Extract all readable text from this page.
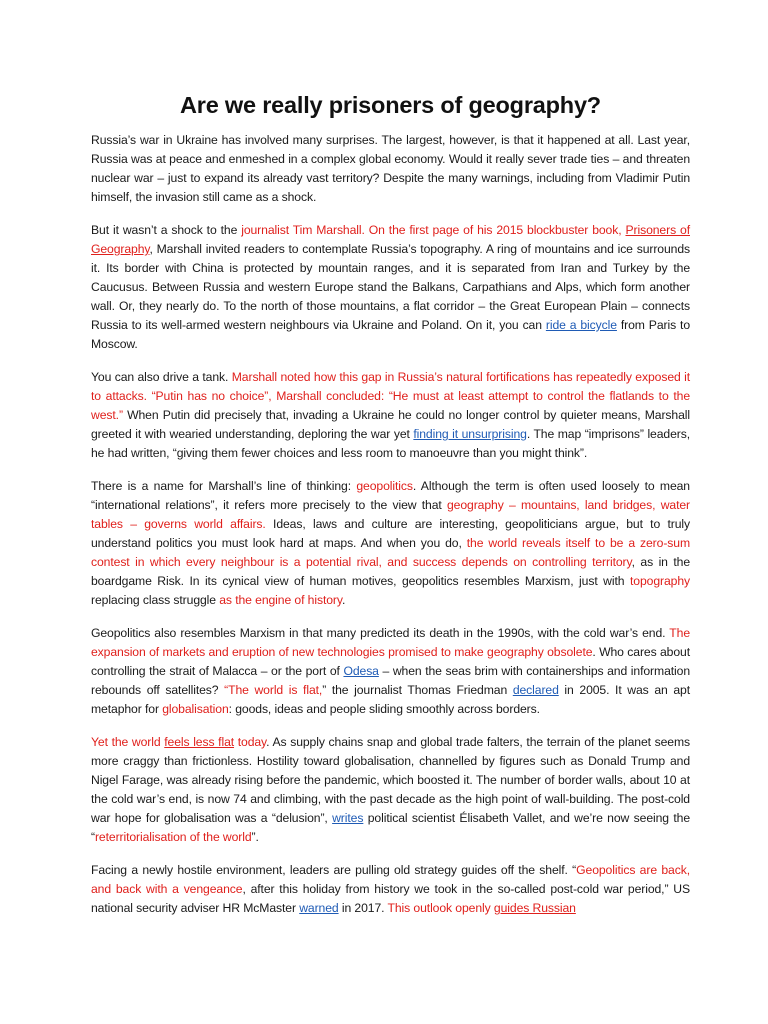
Are we really prisoners of geography?

Russia’s war in Ukraine has involved many surprises. The largest, however, is that it happened at all. Last year, Russia was at peace and enmeshed in a complex global economy. Would it really sever trade ties – and threaten nuclear war – just to expand its already vast territory? Despite the many warnings, including from Vladimir Putin himself, the invasion still came as a shock.

But it wasn’t a shock to the journalist Tim Marshall. On the first page of his 2015 blockbuster book, Prisoners of Geography, Marshall invited readers to contemplate Russia’s topography. A ring of mountains and ice surrounds it. Its border with China is protected by mountain ranges, and it is separated from Iran and Turkey by the Caucusus. Between Russia and western Europe stand the Balkans, Carpathians and Alps, which form another wall. Or, they nearly do. To the north of those mountains, a flat corridor – the Great European Plain – connects Russia to its well-armed western neighbours via Ukraine and Poland. On it, you can ride a bicycle from Paris to Moscow.

You can also drive a tank. Marshall noted how this gap in Russia’s natural fortifications has repeatedly exposed it to attacks. “Putin has no choice”, Marshall concluded: “He must at least attempt to control the flatlands to the west.” When Putin did precisely that, invading a Ukraine he could no longer control by quieter means, Marshall greeted it with wearied understanding, deploring the war yet finding it unsurprising. The map “imprisons” leaders, he had written, “giving them fewer choices and less room to manoeuvre than you might think”.

There is a name for Marshall’s line of thinking: geopolitics. Although the term is often used loosely to mean “international relations”, it refers more precisely to the view that geography – mountains, land bridges, water tables – governs world affairs. Ideas, laws and culture are interesting, geopoliticians argue, but to truly understand politics you must look hard at maps. And when you do, the world reveals itself to be a zero-sum contest in which every neighbour is a potential rival, and success depends on controlling territory, as in the boardgame Risk. In its cynical view of human motives, geopolitics resembles Marxism, just with topography replacing class struggle as the engine of history.

Geopolitics also resembles Marxism in that many predicted its death in the 1990s, with the cold war’s end. The expansion of markets and eruption of new technologies promised to make geography obsolete. Who cares about controlling the strait of Malacca – or the port of Odesa – when the seas brim with containerships and information rebounds off satellites? “The world is flat,” the journalist Thomas Friedman declared in 2005. It was an apt metaphor for globalisation: goods, ideas and people sliding smoothly across borders.

Yet the world feels less flat today. As supply chains snap and global trade falters, the terrain of the planet seems more craggy than frictionless. Hostility toward globalisation, channelled by figures such as Donald Trump and Nigel Farage, was already rising before the pandemic, which boosted it. The number of border walls, about 10 at the cold war’s end, is now 74 and climbing, with the past decade as the high point of wall-building. The post-cold war hope for globalisation was a “delusion”, writes political scientist Élisabeth Vallet, and we’re now seeing the “reterritorialisation of the world”.

Facing a newly hostile environment, leaders are pulling old strategy guides off the shelf. “Geopolitics are back, and back with a vengeance, after this holiday from history we took in the so-called post-cold war period,” US national security adviser HR McMaster warned in 2017. This outlook openly guides Russian
